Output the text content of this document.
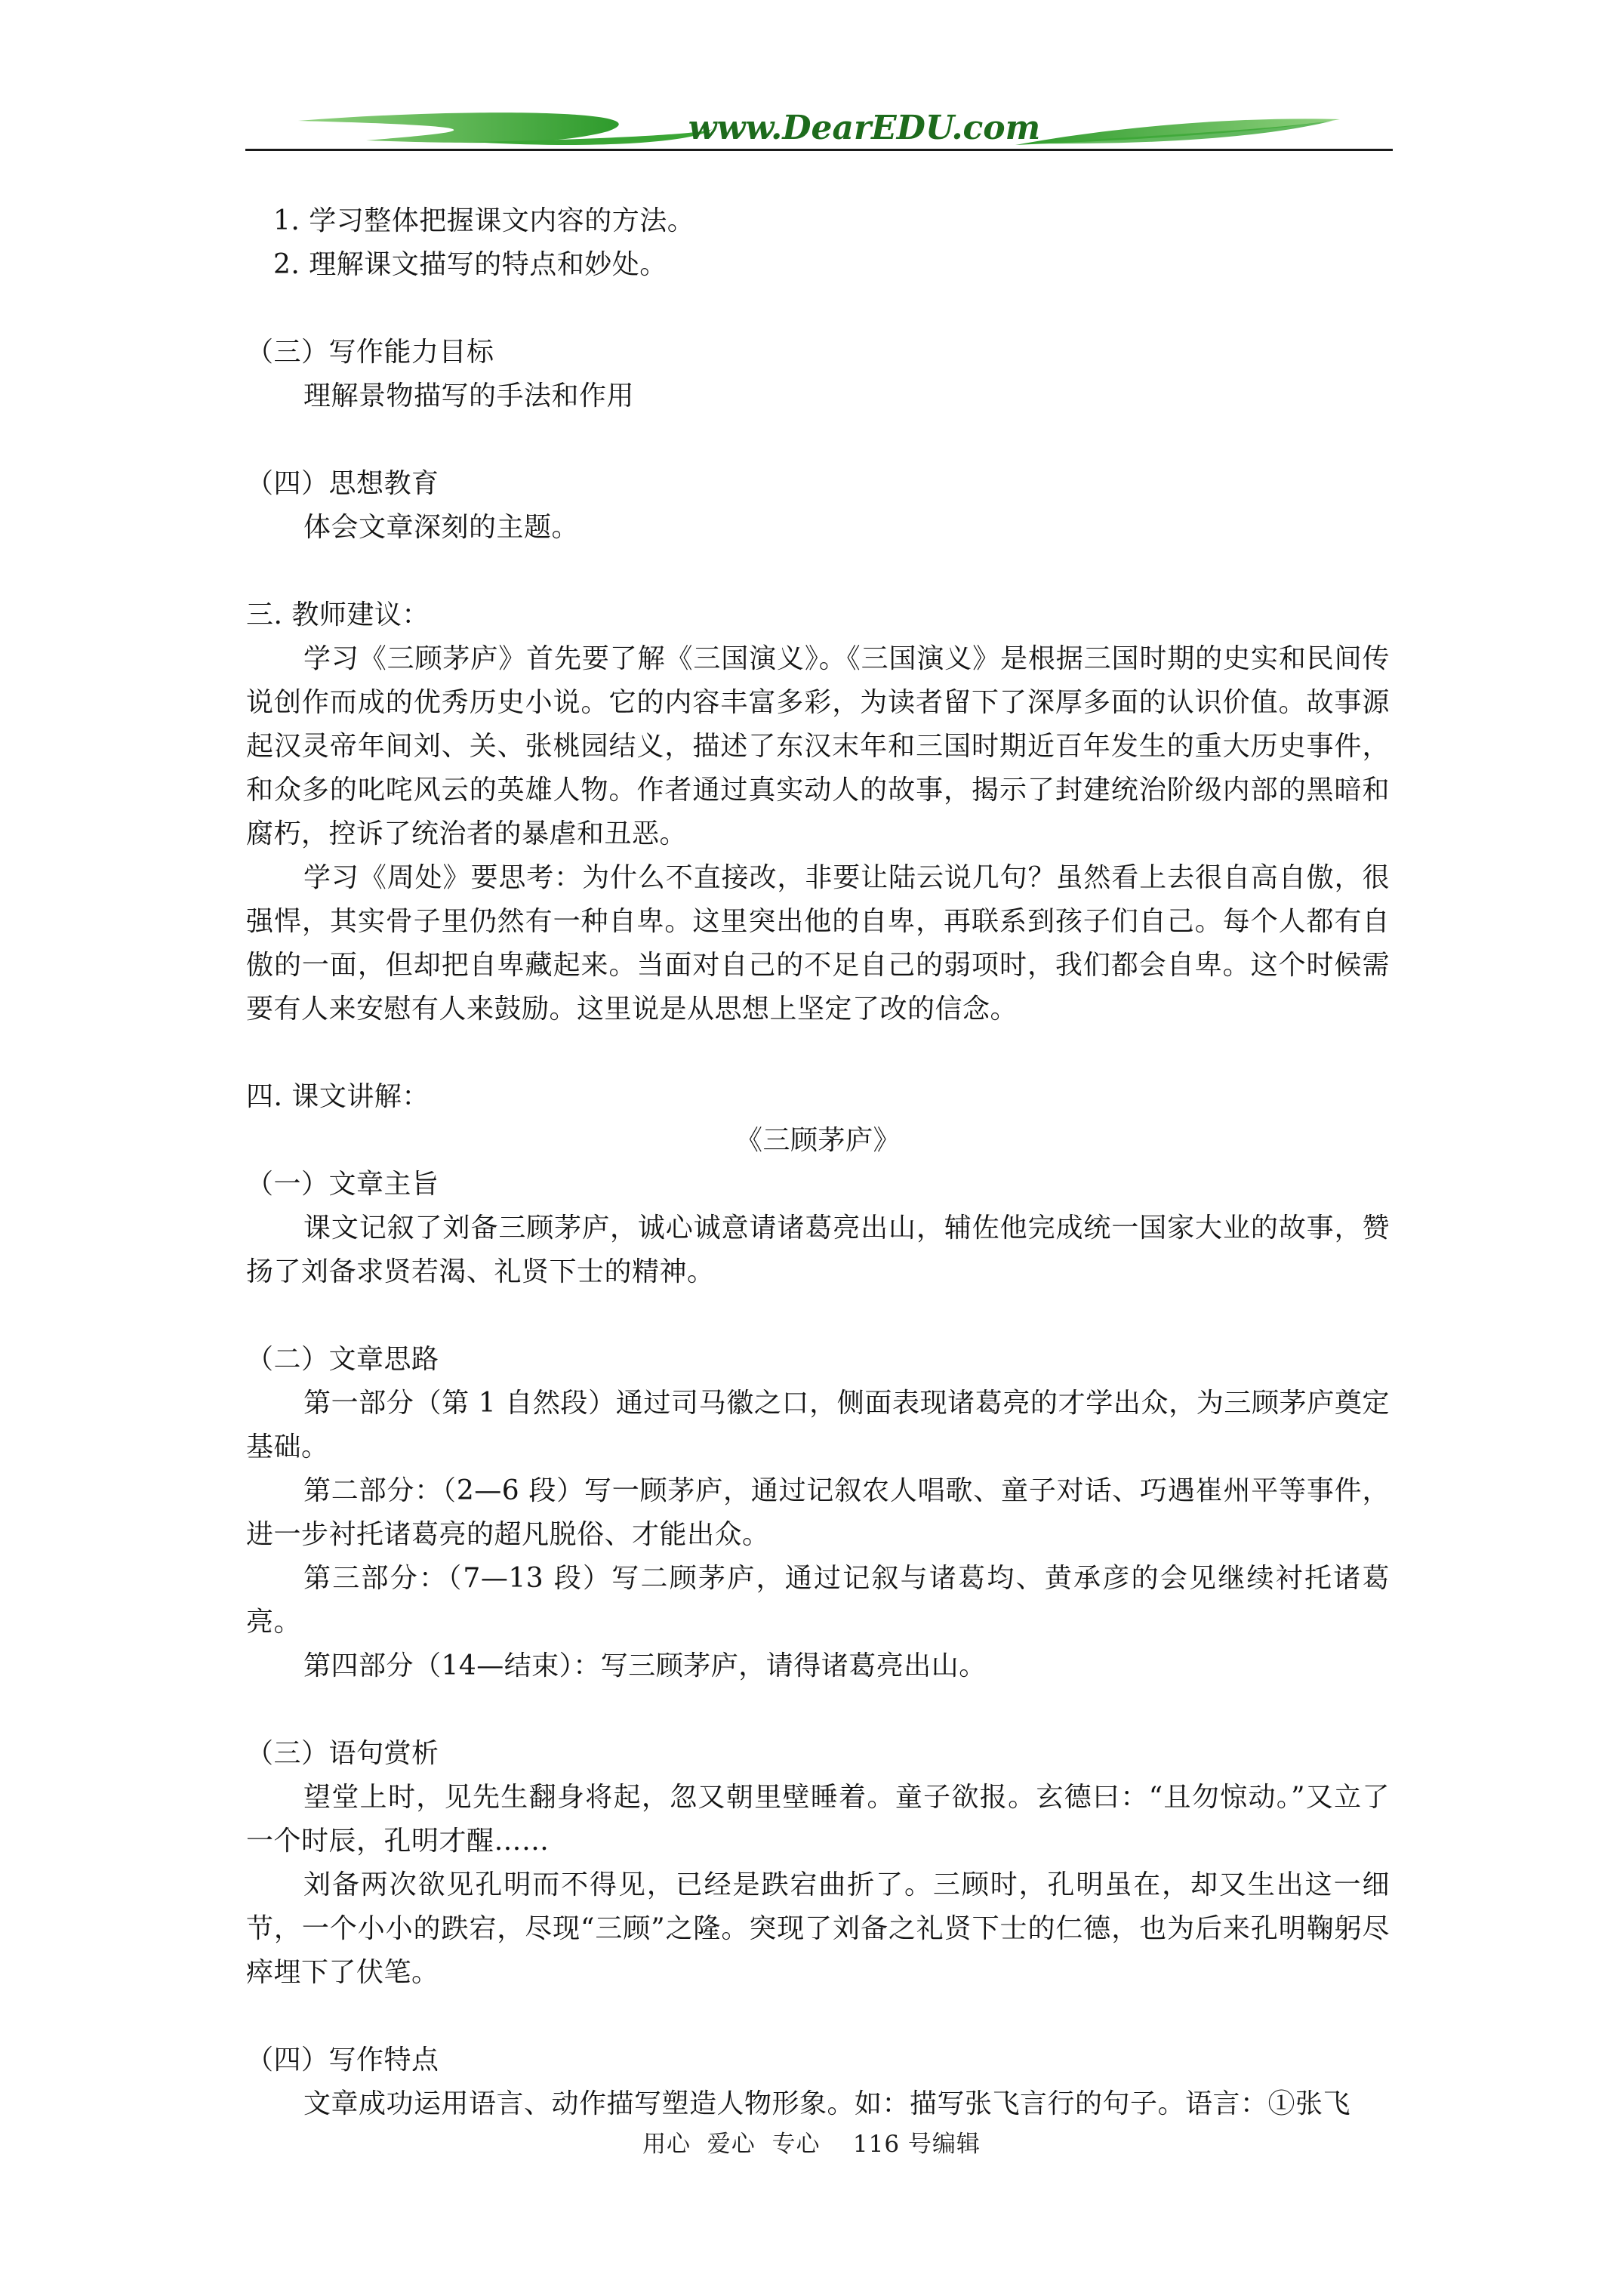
www.DearEDU.com

1. 学习整体把握课文内容的方法。

2. 理解课文描写的特点和妙处。

（三）写作能力目标

理解景物描写的手法和作用

（四）思想教育

体会文章深刻的主题。

三. 教师建议：

学习《三顾茅庐》首先要了解《三国演义》。《三国演义》是根据三国时期的史实和民间传说创作而成的优秀历史小说。它的内容丰富多彩，为读者留下了深厚多面的认识价值。故事源起汉灵帝年间刘、关、张桃园结义，描述了东汉末年和三国时期近百年发生的重大历史事件，和众多的叱咤风云的英雄人物。作者通过真实动人的故事，揭示了封建统治阶级内部的黑暗和腐朽，控诉了统治者的暴虐和丑恶。

学习《周处》要思考：为什么不直接改，非要让陆云说几句？虽然看上去很自高自傲，很强悍，其实骨子里仍然有一种自卑。这里突出他的自卑，再联系到孩子们自己。每个人都有自傲的一面，但却把自卑藏起来。当面对自己的不足自己的弱项时，我们都会自卑。这个时候需要有人来安慰有人来鼓励。这里说是从思想上坚定了改的信念。

四. 课文讲解：

《三顾茅庐》

（一）文章主旨

课文记叙了刘备三顾茅庐，诚心诚意请诸葛亮出山，辅佐他完成统一国家大业的故事，赞扬了刘备求贤若渴、礼贤下士的精神。

（二）文章思路

第一部分（第 1 自然段）通过司马徽之口，侧面表现诸葛亮的才学出众，为三顾茅庐奠定基础。

第二部分：（2—6 段）写一顾茅庐，通过记叙农人唱歌、童子对话、巧遇崔州平等事件，进一步衬托诸葛亮的超凡脱俗、才能出众。

第三部分：（7—13 段）写二顾茅庐，通过记叙与诸葛均、黄承彦的会见继续衬托诸葛亮。

第四部分（14—结束）：写三顾茅庐，请得诸葛亮出山。

（三）语句赏析

望堂上时，见先生翻身将起，忽又朝里壁睡着。童子欲报。玄德曰：“且勿惊动。”又立了一个时辰，孔明才醒……

刘备两次欲见孔明而不得见，已经是跌宕曲折了。三顾时，孔明虽在，却又生出这一细节，一个小小的跌宕，尽现“三顾”之隆。突现了刘备之礼贤下士的仁德，也为后来孔明鞠躬尽瘁埋下了伏笔。

（四）写作特点

文章成功运用语言、动作描写塑造人物形象。如：描写张飞言行的句子。语言：①张飞

用心  爱心  专心    116 号编辑
